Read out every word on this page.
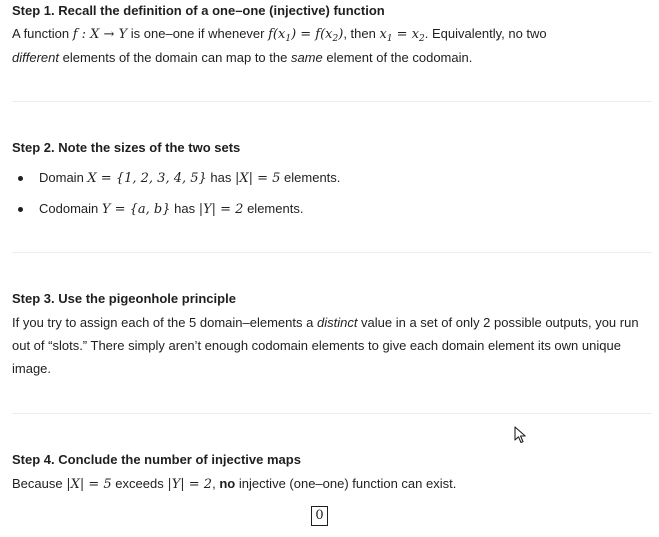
Step 1. Recall the definition of a one–one (injective) function

A function f : X → Y is one–one if whenever $f(x_1) = f(x_2)$, then $x_1 = x_2$. Equivalently, no two
different elements of the domain can map to the same element of the codomain.

Step 2. Note the sizes of the two sets

Domain X = {1, 2, 3, 4, 5} has |X| = 5 elements.
Codomain Y = {a, b} has |Y| = 2 elements.

Step 3. Use the pigeonhole principle

If you try to assign each of the 5 domain–elements a distinct value in a set of only 2 possible outputs, you run out of “slots.” There simply aren’t enough codomain elements to give each domain element its own unique image.

Step 4. Conclude the number of injective maps

Because |X| = 5 exceeds |Y| = 2, no injective (one–one) function can exist.

0
